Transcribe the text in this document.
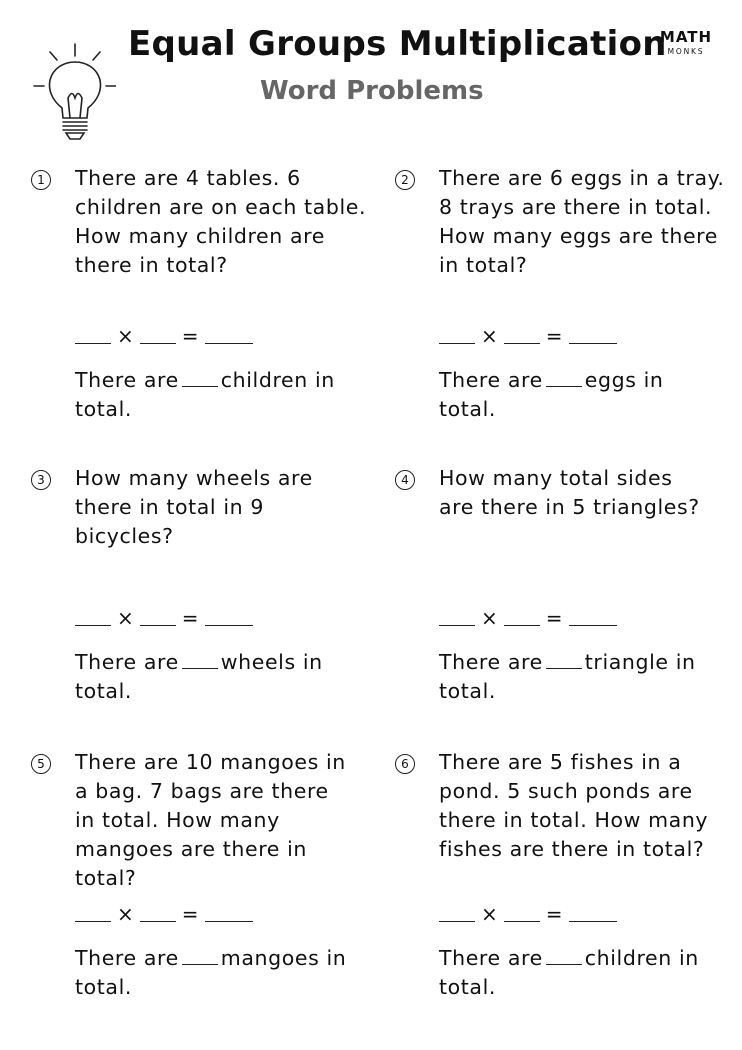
Equal Groups Multiplication
Word Problems
MATH
MONKS
1	There are 4 tables. 6
children are on each table.
How many children are
there in total?
× =
There are children in
total.
2	There are 6 eggs in a tray.
8 trays are there in total.
How many eggs are there
in total?
× =
There are eggs in
total.
3	How many wheels are
there in total in 9
bicycles?
× =
There are wheels in
total.
4	How many total sides
are there in 5 triangles?
× =
There are triangle in
total.
5	There are 10 mangoes in
a bag. 7 bags are there
in total. How many
mangoes are there in total?
× =
There are mangoes in
total.
6	There are 5 fishes in a
pond. 5 such ponds are
there in total. How many
fishes are there in total?
× =
There are children in
total.
